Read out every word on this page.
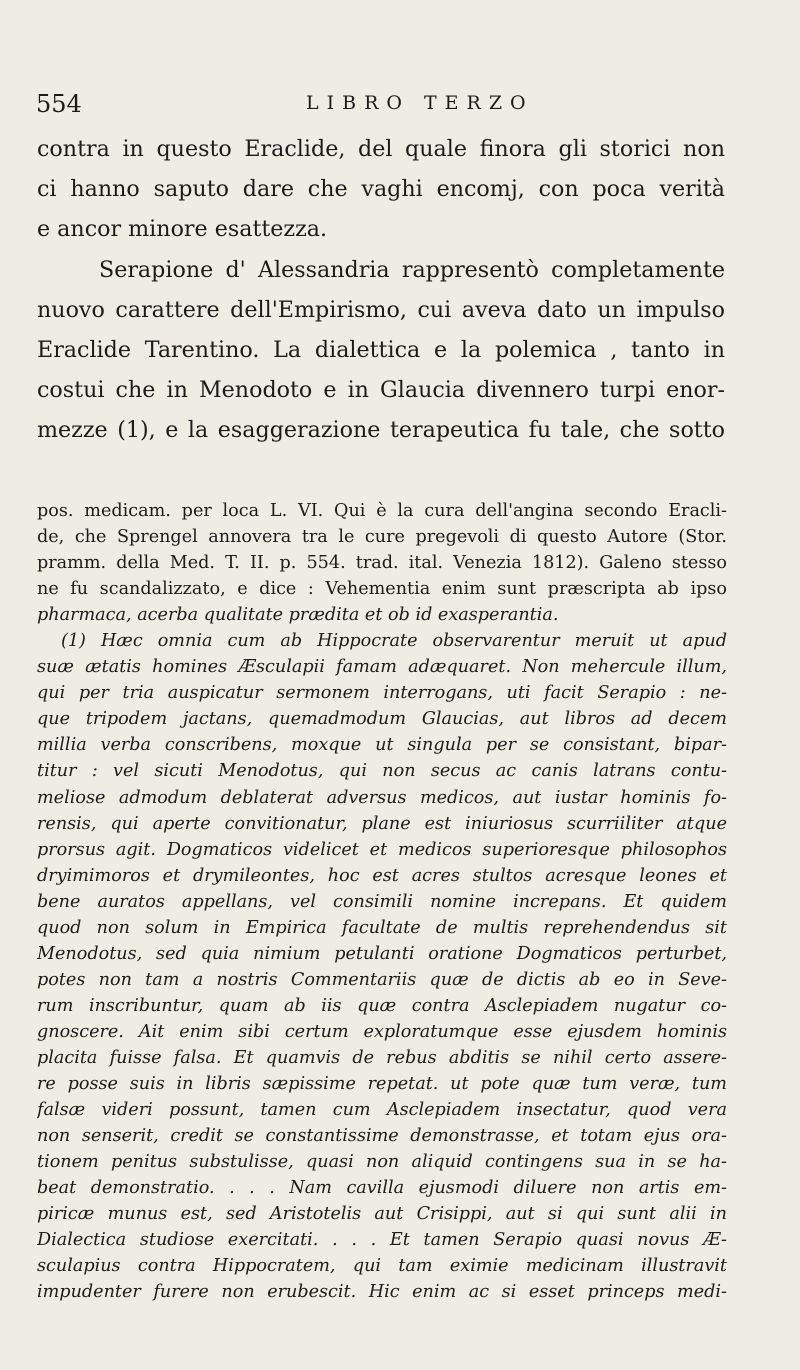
554	LIBRO TERZO
contra in questo Eraclide, del quale finora gli storici non
ci hanno saputo dare che vaghi encomj, con poca verità
e ancor minore esattezza.
Serapione d' Alessandria rappresentò completamente
nuovo carattere dell'Empirismo, cui aveva dato un impulso
Eraclide Tarentino. La dialettica e la polemica , tanto in
costui che in Menodoto e in Glaucia divennero turpi enor-
mezze (1), e la esaggerazione terapeutica fu tale, che sotto
pos. medicam. per loca L. VI. Qui è la cura dell'angina secondo Eracli-
de, che Sprengel annovera tra le cure pregevoli di questo Autore (Stor.
pramm. della Med. T. II. p. 554. trad. ital. Venezia 1812). Galeno stesso
ne fu scandalizzato, e dice : Vehementia enim sunt præscripta ab ipso
pharmaca, acerba qualitate prædita et ob id exasperantia.
(1) Hæc omnia cum ab Hippocrate observarentur meruit ut apud
suæ ætatis homines Æsculapii famam adæquaret. Non mehercule illum,
qui per tria auspicatur sermonem interrogans, uti facit Serapio : ne-
que tripodem jactans, quemadmodum Glaucias, aut libros ad decem
millia verba conscribens, moxque ut singula per se consistant, bipar-
titur : vel sicuti Menodotus, qui non secus ac canis latrans contu-
meliose admodum deblaterat adversus medicos, aut iustar hominis fo-
rensis, qui aperte convitionatur, plane est iniuriosus scurriiliter atque
prorsus agit. Dogmaticos videlicet et medicos superioresque philosophos
dryimimoros et drymileontes, hoc est acres stultos acresque leones et
bene auratos appellans, vel consimili nomine increpans. Et quidem
quod non solum in Empirica facultate de multis reprehendendus sit
Menodotus, sed quia nimium petulanti oratione Dogmaticos perturbet,
potes non tam a nostris Commentariis quæ de dictis ab eo in Seve-
rum inscribuntur, quam ab iis quæ contra Asclepiadem nugatur co-
gnoscere. Ait enim sibi certum exploratumque esse ejusdem hominis
placita fuisse falsa. Et quamvis de rebus abditis se nihil certo assere-
re posse suis in libris sæpissime repetat. ut pote quæ tum veræ, tum
falsæ videri possunt, tamen cum Asclepiadem insectatur, quod vera
non senserit, credit se constantissime demonstrasse, et totam ejus ora-
tionem penitus substulisse, quasi non aliquid contingens sua in se ha-
beat demonstratio. . . . Nam cavilla ejusmodi diluere non artis em-
piricæ munus est, sed Aristotelis aut Crisippi, aut si qui sunt alii in
Dialectica studiose exercitati. . . . Et tamen Serapio quasi novus Æ-
sculapius contra Hippocratem, qui tam eximie medicinam illustravit
impudenter furere non erubescit. Hic enim ac si esset princeps medi-
